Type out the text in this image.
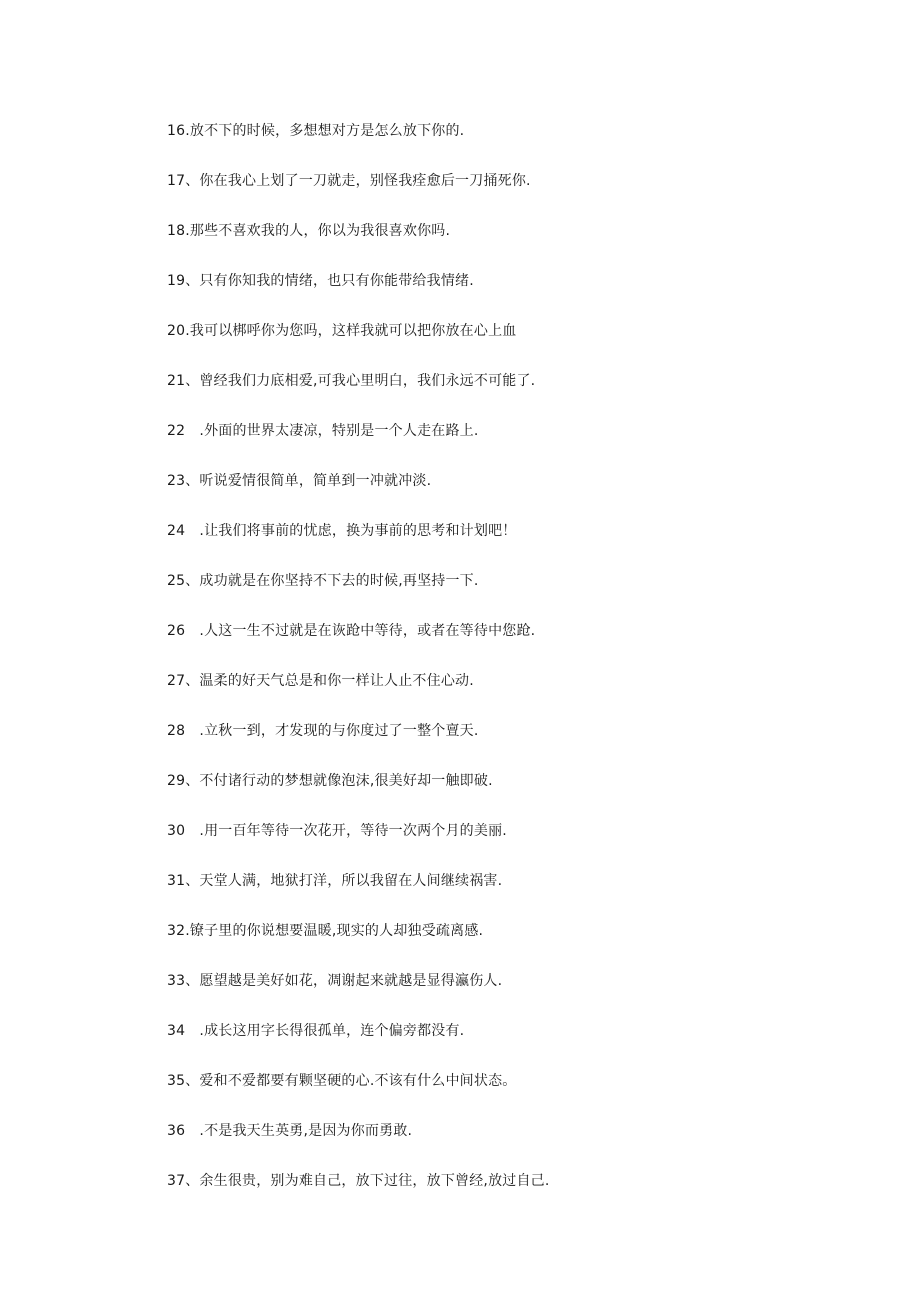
16.放不下的时候，多想想对方是怎么放下你的.
17、你在我心上划了一刀就走，别怪我痊愈后一刀捅死你.
18.那些不喜欢我的人，你以为我很喜欢你吗.
19、只有你知我的情绪，也只有你能带给我情绪.
20.我可以梆呼你为您吗，这样我就可以把你放在心上血
21、曾经我们力底相爱,可我心里明白，我们永远不可能了.
22　.外面的世界太凄凉，特别是一个人走在路上.
23、听说爱情很简单，简单到一冲就冲淡.
24　.让我们将事前的忧虑，换为事前的思考和计划吧！
25、成功就是在你坚持不下去的时候,再坚持一下.
26　.人这一生不过就是在诙跄中等待，或者在等待中您跄.
27、温柔的好天气总是和你一样让人止不住心动.
28　.立秋一到，才发现的与你度过了一整个亶天.
29、不付诸行动的梦想就像泡沫,很美好却一触即破.
30　.用一百年等待一次花开，等待一次两个月的美丽.
31、天堂人满，地狱打洋，所以我留在人间继续祸害.
32.镣子里的你说想要温暖,现实的人却独受疏离感.
33、愿望越是美好如花，凋谢起来就越是显得瀛伤人.
34　.成长这用字长得很孤单，连个偏旁都没有.
35、爱和不爱都要有颗坚硬的心.不该有什么中间状态。
36　.不是我天生英勇,是因为你而勇敢.
37、余生很贵，别为难自己，放下过往，放下曾经,放过自己.
